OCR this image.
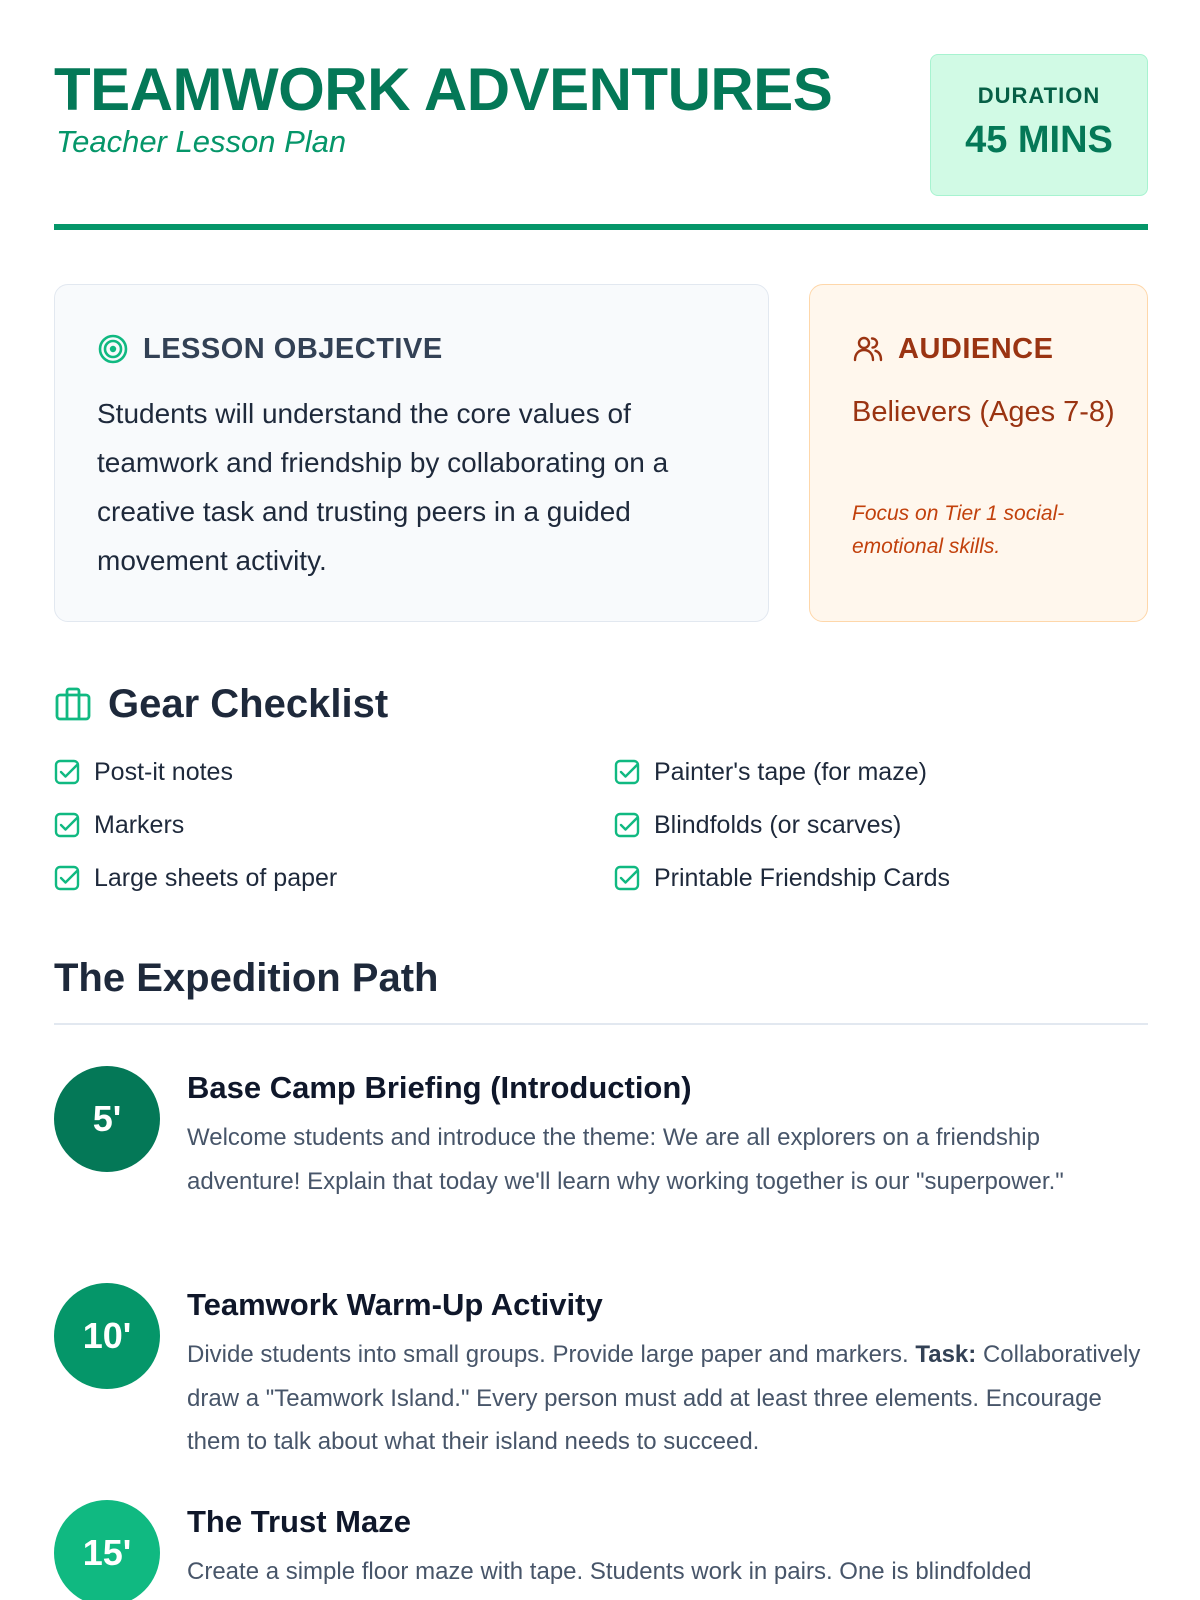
TEAMWORK ADVENTURES
Teacher Lesson Plan
DURATION
45 MINS
LESSON OBJECTIVE
Students will understand the core values of teamwork and friendship by collaborating on a creative task and trusting peers in a guided movement activity.
AUDIENCE
Believers (Ages 7-8)
Focus on Tier 1 social-emotional skills.
Gear Checklist
Post-it notes
Markers
Large sheets of paper
Painter's tape (for maze)
Blindfolds (or scarves)
Printable Friendship Cards
The Expedition Path
5'
Base Camp Briefing (Introduction)
Welcome students and introduce the theme: We are all explorers on a friendship adventure! Explain that today we'll learn why working together is our "superpower."
10'
Teamwork Warm-Up Activity
Divide students into small groups. Provide large paper and markers. Task: Collaboratively draw a "Teamwork Island." Every person must add at least three elements. Encourage them to talk about what their island needs to succeed.
15'
The Trust Maze
Create a simple floor maze with tape. Students work in pairs. One is blindfolded
